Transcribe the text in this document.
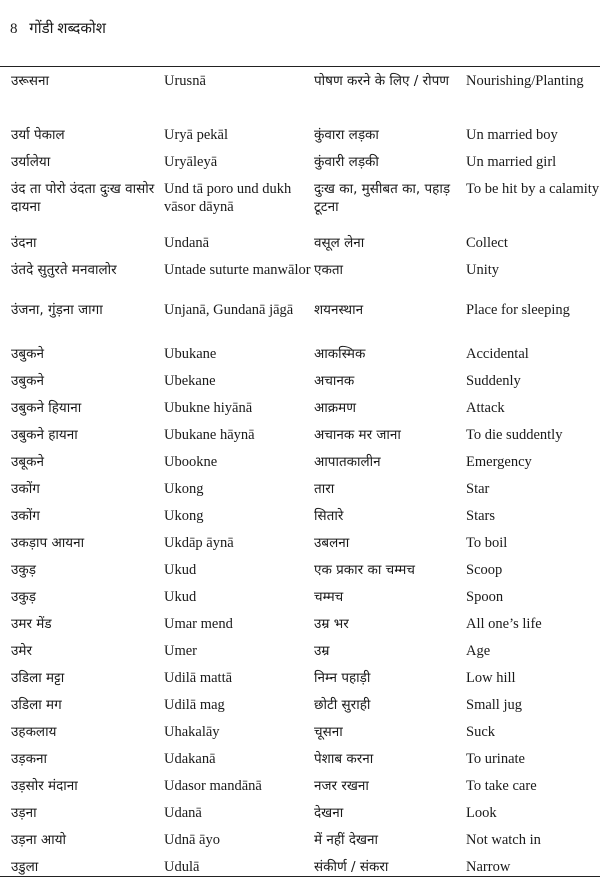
8 गोंडी शब्दकोश
उरूसना	Urusnā	पोषण करने के लिए / रोपण	Nourishing/Planting
उर्या पेकाल	Uryā pekāl	कुंवारा लड़का	Un married boy
उर्यालेया	Uryāleyā	कुंवारी लड़की	Un married girl
उंद ता पोरो उंदता दुःख वासोर दायना	Und tā poro und dukh vāsor dāynā	दुःख का, मुसीबत का, पहाड़ टूटना	To be hit by a calamity
उंदना	Undanā	वसूल लेना	Collect
उंतदे सुतुरते मनवालोर	Untade suturte manwālor	एकता	Unity
उंजना, गुंड़ना जागा	Unjanā, Gundanā jāgā	शयनस्थान	Place for sleeping
उबुकने	Ubukane	आकस्मिक	Accidental
उबुकने	Ubekane	अचानक	Suddenly
उबुकने हियाना	Ubukne hiyānā	आक्रमण	Attack
उबुकने हायना	Ubukane hāynā	अचानक मर जाना	To die suddently
उबूकने	Ubookne	आपातकालीन	Emergency
उकोंग	Ukong	तारा	Star
उकोंग	Ukong	सितारे	Stars
उकड़ाप आयना	Ukdāp āynā	उबलना	To boil
उकुड़	Ukud	एक प्रकार का चम्मच	Scoop
उकुड़	Ukud	चम्मच	Spoon
उमर मेंड	Umar mend	उम्र भर	All one’s life
उमेर	Umer	उम्र	Age
उडिला मट्टा	Udilā mattā	निम्न पहाड़ी	Low hill
उडिला मग	Udilā mag	छोटी सुराही	Small jug
उहकलाय	Uhakalāy	चूसना	Suck
उड़कना	Udakanā	पेशाब करना	To urinate
उड़सोर मंदाना	Udasor mandānā	नजर रखना	To take care
उड़ना	Udanā	देखना	Look
उड़ना आयो	Udnā āyo	में नहीं देखना	Not watch in
उडुला	Udulā	संकीर्ण / संकरा	Narrow
